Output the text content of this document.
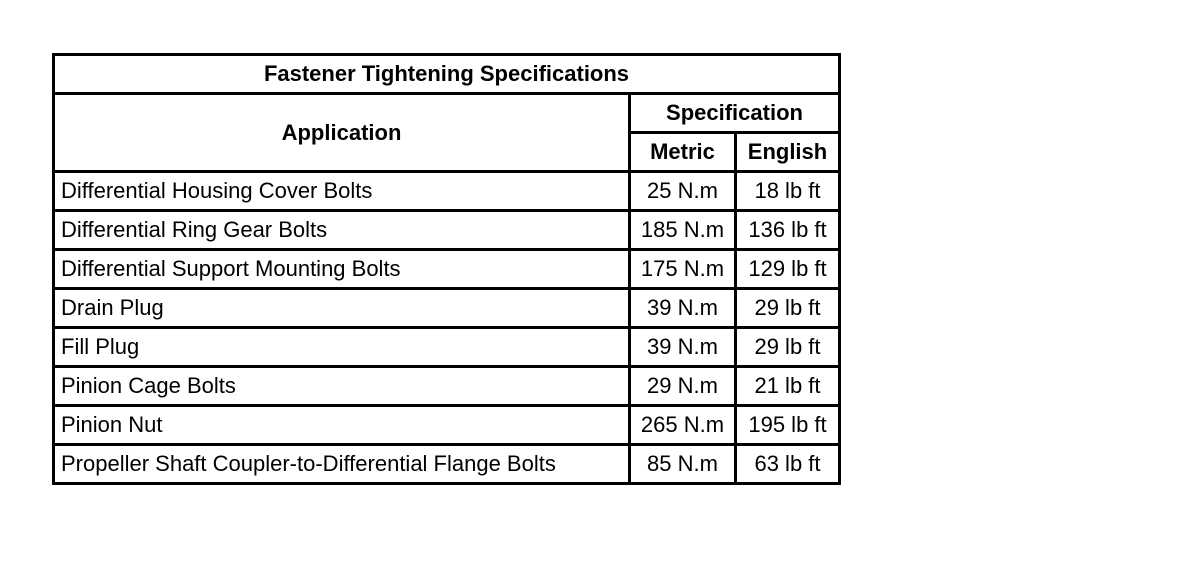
Fastener Tightening Specifications		
Application	Specification	
	Metric	English
Differential Housing Cover Bolts	25 N.m	18 lb ft
Differential Ring Gear Bolts	185 N.m	136 lb ft
Differential Support Mounting Bolts	175 N.m	129 lb ft
Drain Plug	39 N.m	29 lb ft
Fill Plug	39 N.m	29 lb ft
Pinion Cage Bolts	29 N.m	21 lb ft
Pinion Nut	265 N.m	195 lb ft
Propeller Shaft Coupler-to-Differential Flange Bolts	85 N.m	63 lb ft
